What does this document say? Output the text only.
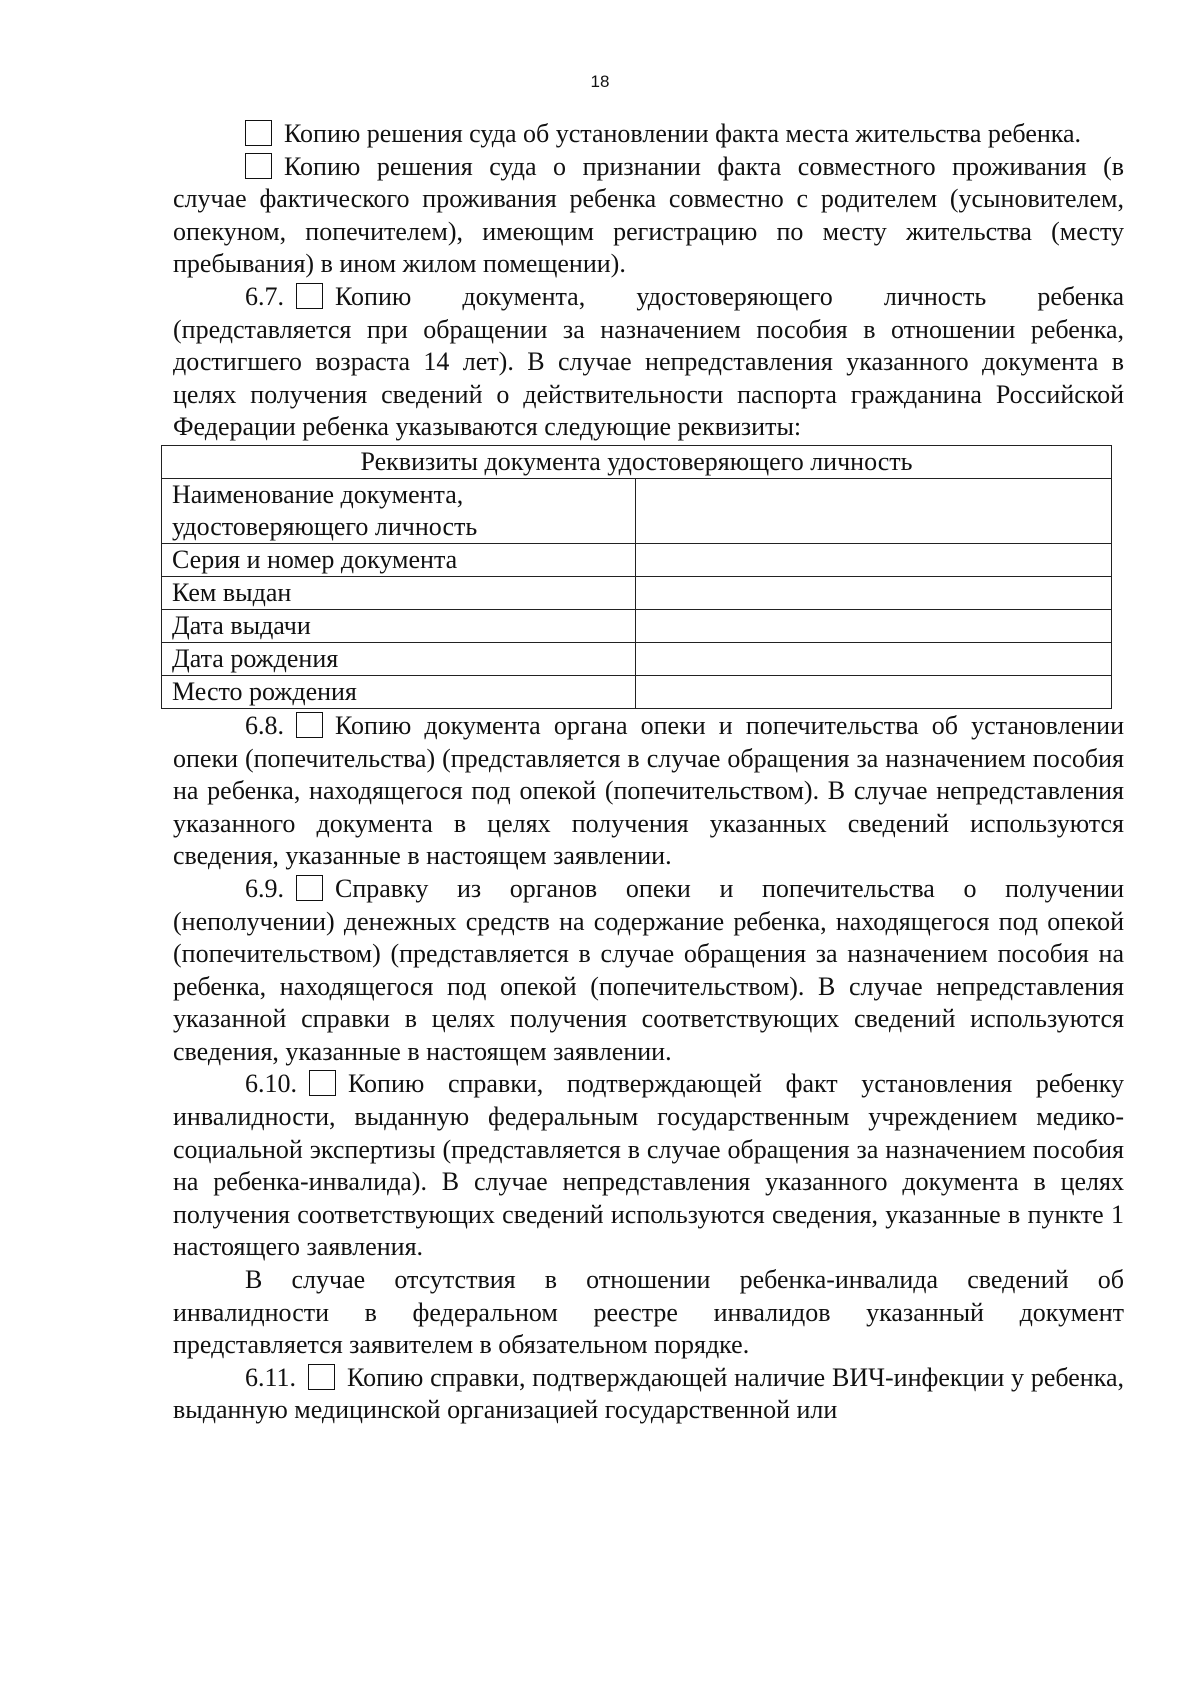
18

Копию решения суда об установлении факта места жительства ребенка.

Копию решения суда о признании факта совместного проживания (в случае фактического проживания ребенка совместно с родителем (усыновителем, опекуном, попечителем), имеющим регистрацию по месту жительства (месту пребывания) в ином жилом помещении).

6.7. Копию документа, удостоверяющего личность ребенка (представляется при обращении за назначением пособия в отношении ребенка, достигшего возраста 14 лет). В случае непредставления указанного документа в целях получения сведений о действительности паспорта гражданина Российской Федерации ребенка указываются следующие реквизиты:

Реквизиты документа удостоверяющего личность	
Наименование документа, удостоверяющего личность	
Серия и номер документа	
Кем выдан	
Дата выдачи	
Дата рождения	
Место рождения	

6.8. Копию документа органа опеки и попечительства об установлении опеки (попечительства) (представляется в случае обращения за назначением пособия на ребенка, находящегося под опекой (попечительством). В случае непредставления указанного документа в целях получения указанных сведений используются сведения, указанные в настоящем заявлении.

6.9. Справку из органов опеки и попечительства о получении (неполучении) денежных средств на содержание ребенка, находящегося под опекой (попечительством) (представляется в случае обращения за назначением пособия на ребенка, находящегося под опекой (попечительством). В случае непредставления указанной справки в целях получения соответствующих сведений используются сведения, указанные в настоящем заявлении.

6.10. Копию справки, подтверждающей факт установления ребенку инвалидности, выданную федеральным государственным учреждением медико-социальной экспертизы (представляется в случае обращения за назначением пособия на ребенка-инвалида). В случае непредставления указанного документа в целях получения соответствующих сведений используются сведения, указанные в пункте 1 настоящего заявления.

В случае отсутствия в отношении ребенка-инвалида сведений об инвалидности в федеральном реестре инвалидов указанный документ представляется заявителем в обязательном порядке.

6.11. Копию справки, подтверждающей наличие ВИЧ-инфекции у ребенка, выданную медицинской организацией государственной или
